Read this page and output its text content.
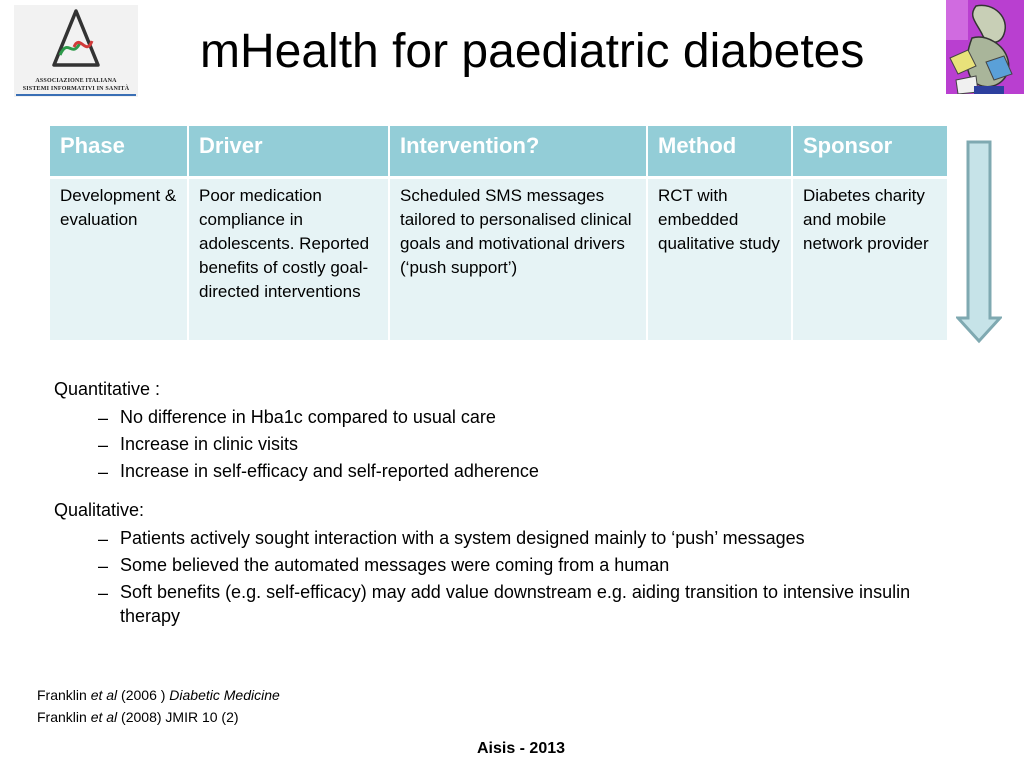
ASSOCIAZIONE ITALIANA
SISTEMI INFORMATIVI IN SANITÀ
mHealth for paediatric diabetes
Phase	Driver	Intervention?	Method	Sponsor
Development & evaluation	Poor medication compliance in adolescents. Reported benefits of costly goal-directed interventions	Scheduled SMS messages tailored to personalised clinical goals and motivational drivers (‘push support’)	RCT with embedded qualitative study	Diabetes charity and mobile network provider
Quantitative :
– No difference in Hba1c compared to usual care
– Increase in clinic visits
– Increase in self-efficacy and self-reported adherence
Qualitative:
– Patients actively sought interaction with a system designed mainly to ‘push’ messages
– Some believed the automated messages were coming from a human
– Soft benefits (e.g. self-efficacy) may add value downstream e.g. aiding transition to intensive insulin therapy
Franklin et al (2006 ) Diabetic Medicine
Franklin et al (2008) JMIR 10 (2)
Aisis - 2013
